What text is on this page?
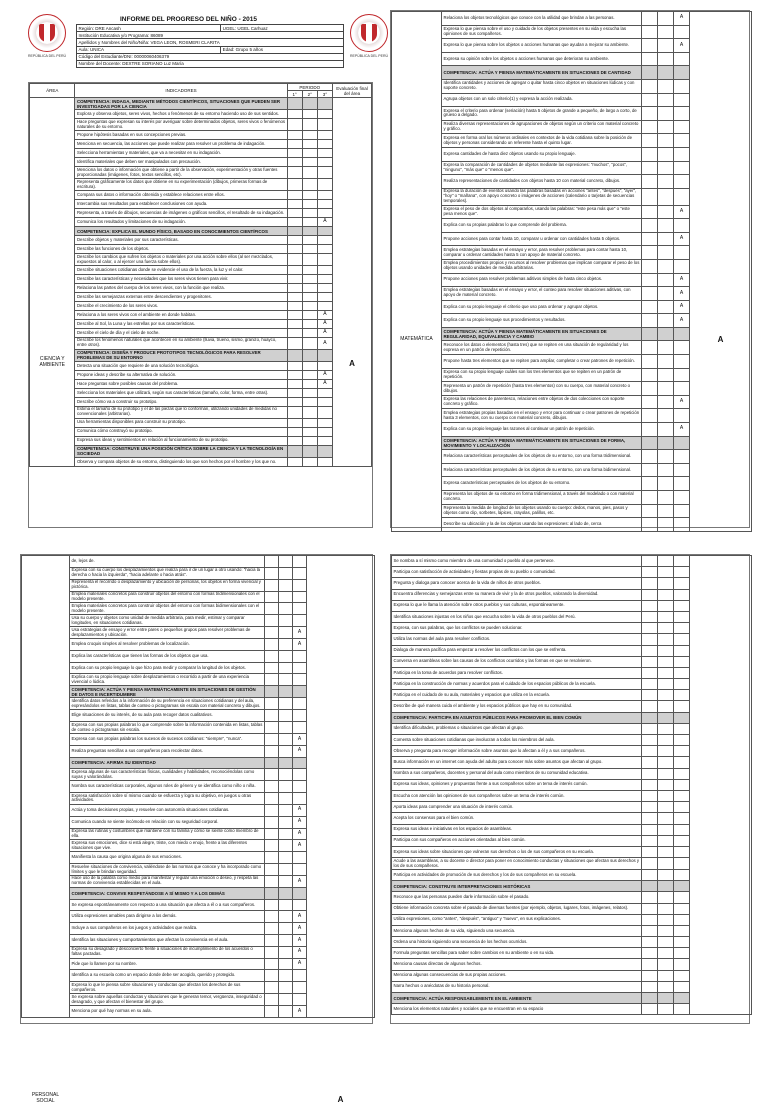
REPÚBLICA DEL PERÚ	REPÚBLICA DEL PERÚ
INFORME DEL PROGRESO DEL NIÑO - 2015
Región: DRE Ancash	UGEL: UGEL Carhuaz
Institución Educativa y/o Programa: 86089	
Apellidos y Nombres del Niño/Niña: VEGA LEON, ROSMERI CLARITA	
Aula: UNICA	Edad: Grupo 5 años
Código del Estudiante/DNI: 00000060406379	
Nombre del Docente: DEXTRE SORIANO Luz María	
ÁREA	INDICADORES	PERIODO			Evaluación final del área
		1°	2°	3°	

CIENCIA Y AMBIENTE	COMPETENCIA: INDAGA, MEDIANTE MÉTODOS CIENTÍFICOS, SITUACIONES QUE PUEDEN SER INVESTIGADAS POR LA CIENCIA				A

	Explora y observa objetos, seres vivos, hechos o fenómenos de su entorno haciendo uso de sus sentidos.				
	Hace preguntas que expresan su interés por averiguar sobre determinados objetos, seres vivos o fenómenos naturales de su entorno.				
	Propone hipótesis basadas en sus concepciones previas.				
	Menciona en secuencia, las acciones que puede realizar para resolver un problema de indagación.				
	Selecciona herramientas y materiales, que va a necesitar en su indagación.				
	Identifica materiales que deben ser manipulados con precaución.				
	Menciona los datos o información que obtiene a partir de la observación, experimentación y otras fuentes proporcionadas (imágenes, fotos, textos sencillos, etc).				
	Representa gráficamente los datos que obtiene en su experimentación (dibujos, primeras formas de escritura).				
	Compara sus datos o información obtenida y establece relaciones entre ellos.				
	Intercambia sus resultados para establecer conclusiones con ayuda.				
	Representa, a través de dibujos, secuencias de imágenes o gráficos sencillos, el resultado de su indagación.				
	Comunica los resultados y limitaciones de su indagación.			A	
	COMPETENCIA: EXPLICA EL MUNDO FÍSICO, BASADO EN CONOCIMIENTOS CIENTÍFICOS				
	Describe objetos y materiales por sus características.				
	Describe las funciones de los objetos.				
	Describe los cambios que sufren los objetos o materiales por una acción sobre ellos (al ser mezclados, expuestos al calor, o al ejercer una fuerza sobre ellos).				
	Describe situaciones cotidianas donde se evidencie el uso de la fuerza, la luz y el calor.				
	Describe las características y necesidades que los seres vivos tienen para vivir.				
	Relaciona las partes del cuerpo de los seres vivos, con la función que realiza.				
	Describe las semejanzas externas entre descendientes y progenitores.				
	Describe el crecimiento de los seres vivos.				
	Relaciona a los seres vivos con el ambiente en donde habitan.			A	
	Describe al Sol, la Luna y las estrellas por sus características.			A	
	Describe el cielo de día y el cielo de noche.			A	
	Describe los fenómenos naturales que acontecen en su ambiente (lluvia, trueno, sismo, granizo, huayco, entre otros).			A	
	COMPETENCIA: DISEÑA Y PRODUCE PROTOTIPOS TECNOLÓGICOS PARA RESOLVER PROBLEMAS DE SU ENTORNO				
	Detecta una situación que requiere de una solución tecnológica.				
	Propone ideas y describe su alternativa de solución.			A	
	Hace preguntas sobre posibles causas del problema.			A	
	Selecciona los materiales que utilizará, según sus características (tamaño, color, forma, entre otras).				
	Describe cómo va a construir su prototipo.				
	Estima el tamaño de su prototipo y el de las piezas que lo conforman, utilizando unidades de medidas no convencionales (arbitrarias).				
	Usa herramientas disponibles para construir su prototipo.				
	Comunica cómo construyó su prototipo.				
	Expresa sus ideas y sentimientos en relación al funcionamiento de su prototipo.				
	COMPETENCIA: CONSTRUYE UNA POSICIÓN CRÍTICA SOBRE LA CIENCIA Y LA TECNOLOGÍA EN SOCIEDAD				
	Observa y compara objetos de su entorno, distinguiendo los que son hechos por el hombre y los que no.				
MATEMÁTICA	Relaciona los objetos tecnológicos que conoce con la utilidad que brindan a las personas.			A	A

	Expresa lo que piensa sobre el uso y cuidado de los objetos presentes en su vida y escucha las opiniones de sus compañeros.				
	Expresa lo que piensa sobre los objetos o acciones humanas que ayudan a mejorar su ambiente.			A	
	Expresa su opinión sobre los objetos o acciones humanas que deterioran su ambiente.				
	COMPETENCIA: ACTÚA Y PIENSA MATEMÁTICAMENTE EN SITUACIONES DE CANTIDAD				
	Identifica cantidades y acciones de agregar o quitar hasta cinco objetos en situaciones lúdicas y con soporte concreto.				
	Agrupa objetos con un solo criterio(1) y expresa la acción realizada.				
	Expresa el criterio para ordenar (seriación) hasta 5 objetos de grande a pequeño, de largo a corto, de grueso a delgado.				
	Realiza diversas representaciones de agrupaciones de objetos según un criterio con material concreto y gráfico.				
	Expresa en forma oral los números ordinales en contextos de la vida cotidiana sobre la posición de objetos y personas considerando un referente hasta el quinto lugar.				
	Expresa cantidades de hasta diez objetos usando su propio lenguaje.				
	Expresa la comparación de cantidades de objetos mediante las expresiones: "muchos", "pocos", "ninguno", "más que" o "menos que".				
	Realiza representaciones de cantidades con objetos hasta 10 con material concreto, dibujos.				
	Expresa la duración de eventos usando las palabras basadas en acciones "antes", "después", "ayer", "hoy" o "mañana", con apoyo concreto o imágenes de acciones (calendario o tarjetas de secuencias temporales).				
	Expresa el peso de dos objetos al compararlos, usando las palabras: "este pesa más que" o "este pesa menos que".			A	
	Explica con su propias palabras lo que comprende del problema.				
	Propone acciones para contar hasta 10, comparar u ordenar con cantidades hasta 5 objetos.			A	
	Emplea estrategias basadas en el ensayo y error, para resolver problemas para contar hasta 10, comparar u ordenar cantidades hasta 5 con apoyo de material concreto.				
	Emplea procedimientos propios y recursos al resolver problemas que implican comparar el peso de los objetos usando unidades de medida arbitrarias.				
	Propone acciones para resolver problemas aditivos simples de hasta cinco objetos.			A	
	Emplea estrategias basadas en el ensayo y error, el conteo para resolver situaciones aditivas, con apoyo de material concreto.			A	
	Explica con su propio lenguaje el criterio que uso para ordenar y agrupar objetos.			A	
	Explica con su propio lenguaje sus procedimientos y resultados.			A	
	COMPETENCIA: ACTÚA Y PIENSA MATEMÁTICAMENTE EN SITUACIONES DE REGULARIDAD, EQUIVALENCIA Y CAMBIO				
	Reconoce los datos o elementos (hasta tres) que se repiten en una situación de regularidad y los expresa en un patrón de repetición.				
	Propone hasta tres elementos que se repiten para ampliar, completar o crear patrones de repetición.				
	Expresa con su propio lenguaje cuáles son los tres elementos que se repiten en un patrón de repetición.				
	Representa un patrón de repetición (hasta tres elementos) con su cuerpo, con material concreto o dibujos.				
	Expresa las relaciones de parentesco, relaciones entre objetos de dos colecciones con soporte concreto y gráfico.			A	
	Emplea estrategias propias basadas en el ensayo y error para continuar o crear patrones de repetición hasta 3 elementos, con su cuerpo con material concreto, dibujos.				
	Explica con su propio lenguaje las razones al continuar un patrón de repetición.			A	
	COMPETENCIA: ACTÚA Y PIENSA MATEMÁTICAMENTE EN SITUACIONES DE FORMA, MOVIMIENTO Y LOCALIZACIÓN				
	Relaciona características perceptuales de los objetos de su entorno, con una forma tridimensional.				
	Relaciona características perceptuales de los objetos de su entorno, con una forma bidimensional.				
	Expresa características perceptuales de los objetos de su entorno.				
	Representa los objetos de su entorno en forma tridimensional, a través del modelado o con material concreto.				
	Representa la medida de longitud de los objetos usando su cuerpo: dedos, manos, pies, pasos y objetos como clip, sorbetes, lápices, crayolas, palillos, etc.				
	Describe su ubicación y la de los objetos usando las expresiones: al lado de, cerca				
PERSONAL SOCIAL	de, lejos de.				A

	Expresa con su cuerpo los desplazamientos que realiza para ir de un lugar a otro usando: "hacia la derecha o hacia la izquierda", "hacia adelante o hacia atrás".				
	Representa el recorrido o desplazamiento y ubicación de personas, los objetos en forma vivencial y pictórica.				
	Emplea materiales concretos para construir objetos del entorno con formas tridimensionales con el modelo presente.				
	Emplea materiales concretos para construir objetos del entorno con formas bidimensionales con el modelo presente.				
	Usa su cuerpo y objetos como unidad de medida arbitraria, para medir, estimar y comparar longitudes, en situaciones cotidianas.				
	Usa estrategias de ensayo y error entre pares o pequeños grupos para resolver problemas de desplazamientos y ubicación.			A	
	Emplea croquis simples al resolver problemas de localización.			A	
	Explica las características que tienen las formas de los objetos que usa.				
	Explica con su propio lenguaje lo que hizo para medir y comparar la longitud de los objetos.				
	Explica con su propio lenguaje sobre desplazamientos o recorrido a partir de una experiencia vivencial o lúdica.				
	COMPETENCIA: ACTÚA Y PIENSA MATEMÁTICAMENTE EN SITUACIONES DE GESTIÓN DE DATOS E INCERTIDUMBRE				
	Identifica datos referidos a la información de su preferencia en situaciones cotidianas y del aula, expresándolos en listas, tablas de conteo o pictogramas sin escala con material concreto y dibujos.				
	Elige situaciones de su interés, de su aula para recoger datos cualitativos.				
	Expresa con sus propias palabras lo que comprende sobre la información contenida en listas, tablas de conteo o pictogramas sin escala.				
	Expresa con sus propias palabras los sucesos de sucesos cotidianos: "siempre", "nunca".			A	
	Realiza preguntas sencillas a sus compañeros para recolectar datos.			A	
	COMPETENCIA: AFIRMA SU IDENTIDAD				
	Expresa algunas de sus características físicas, cualidades y habilidades, reconociéndolas como suyas y valorándolas.				
	Nombra sus características corporales, algunos roles de género y se identifica como niño o niña.				
	Expresa satisfacción sobre sí mismo cuando se esfuerza y logra su objetivo, en juegos u otras actividades.				
	Actúa y toma decisiones propias, y resuelve con autonomía situaciones cotidianas.			A	
	Comunica cuando se siente incómodo en relación con su seguridad corporal.			A	
	Expresa las rutinas y costumbres que mantiene con su familia y cómo se siente como miembro de ella.			A	
	Expresa sus emociones, dice si está alegre, triste, con miedo o enojo, frente a las diferentes situaciones que vive.			A	
	Manifiesta la causa que origina alguna de sus emociones.				
	Resuelve situaciones de convivencia, valiéndose de las normas que conoce y ha incorporado como límites y que le brindan seguridad.				
	Hace uso de la palabra como medio para manifestar y regular una emoción o deseo, y respeta las normas de convivencia establecidas en el aula.			A	
	COMPETENCIA: CONVIVE RESPETÁNDOSE A SÍ MISMO Y A LOS DEMÁS				
	Se expresa espontáneamente con respecto a una situación que afecta a él o a sus compañeros.				
	Utiliza expresiones amables para dirigirse a los demás.			A	
	Incluye a sus compañeros en los juegos y actividades que realiza.			A	
	Identifica las situaciones y comportamientos que afectan la convivencia en el aula.			A	
	Expresa su desagrado y desconcierto frente a situaciones de incumplimiento de los acuerdos o faltas pactadas.			A	
	Pide que lo llamen por su nombre.			A	
	Identifica a su escuela como un espacio donde debe ser acogido, querido y protegido.				
	Expresa lo que le piensa sobre situaciones y conductas que afectan los derechos de sus compañeros.				
	Se expresa sobre aquellas conductas y situaciones que le generan temor, vergüenza, inseguridad o desagrado, y que afectan el bienestar del grupo.				
	Menciona por qué hay normas en su aula.			A	
Se nombra a sí mismo como miembro de una comunidad o pueblo al que pertenece.				
Participa con satisfacción de actividades y fiestas propias de su pueblo o comunidad.				
Pregunta y dialoga para conocer acerca de la vida de niños de otros pueblos.				
Encuentra diferencias y semejanzas entre su manera de vivir y la de otros pueblos, valorando la diversidad.				
Expresa lo que le llama la atención sobre otros pueblos y sus culturas, espontáneamente.				
Identifica situaciones injustas en los niños que escucha sobre la vida de otros pueblos del Perú.				
Expresa, con sus palabras, que los conflictos se pueden solucionar.				
Utiliza las normas del aula para resolver conflictos.				
Dialoga de manera pacífica para empezar a resolver los conflictos con los que se enfrenta.				
Conversa en asambleas sobre las causas de los conflictos ocurridos y las formas en que se resolvieron.				
Participa en la toma de acuerdos para resolver conflictos.				
Participa en la construcción de normas y acuerdos para el cuidado de los espacios públicos de la escuela.				
Participa en el cuidado de su aula, materiales y espacios que utiliza en la escuela.				
Describe de qué manera cuida el ambiente y los espacios públicos que hay en su comunidad.				
COMPETENCIA: PARTICIPA EN ASUNTOS PÚBLICOS PARA PROMOVER EL BIEN COMÚN				
Identifica dificultades, problemas o situaciones que afectan al grupo.				
Comenta sobre situaciones cotidianas que involucran a todos los miembros del aula.				
Observa y pregunta para recoger información sobre asuntos que lo afectan a él y a sus compañeros.				
Busca información en un internet con ayuda del adulto para conocer más sobre asuntos que afectan al grupo.				
Nombra a sus compañeros, docentes y personal del aula como miembros de su comunidad educativa.				
Expresa sus ideas, opiniones y propuestas frente a sus compañeros sobre un tema de interés común.				
Escucha con atención las opiniones de sus compañeros sobre un tema de interés común.				
Aporta ideas para comprender una situación de interés común.				
Acepta los consensos para el bien común.				
Expresa sus ideas e iniciativas en los espacios de asambleas.				
Participa con sus compañeros en acciones orientadas al bien común.				
Expresa sus ideas sobre situaciones que vulneran sus derechos o los de sus compañeros en su escuela.				
Acude a las asambleas, a su docente o director para poner en conocimiento conductas y situaciones que afectan sus derechos y los de sus compañeros.				
Participa en actividades de promoción de sus derechos y los de sus compañeros en su escuela.				
COMPETENCIA: CONSTRUYE INTERPRETACIONES HISTÓRICAS				
Reconoce que las personas pueden darle información sobre el pasado.				
Obtiene información concreta sobre el pasado de diversas fuentes (por ejemplo, objetos, lugares, fotos, imágenes, relatos).				
Utiliza expresiones, como "antes", "después", "antiguo" y "nuevo", en sus explicaciones.				
Menciona algunos hechos de su vida, siguiendo una secuencia.				
Ordena una historia siguiendo una secuencia de los hechos ocurridos.				
Formula preguntas sencillas para saber sobre cambios en su ambiente o en su vida.				
Menciona causas directas de algunos hechos.				
Menciona algunas consecuencias de sus propias acciones.				
Narra hechos o anécdotas de su historia personal.				
COMPETENCIA: ACTÚA RESPONSABLEMENTE EN EL AMBIENTE				
Menciona los elementos naturales y sociales que se encuentran en su espacio				
